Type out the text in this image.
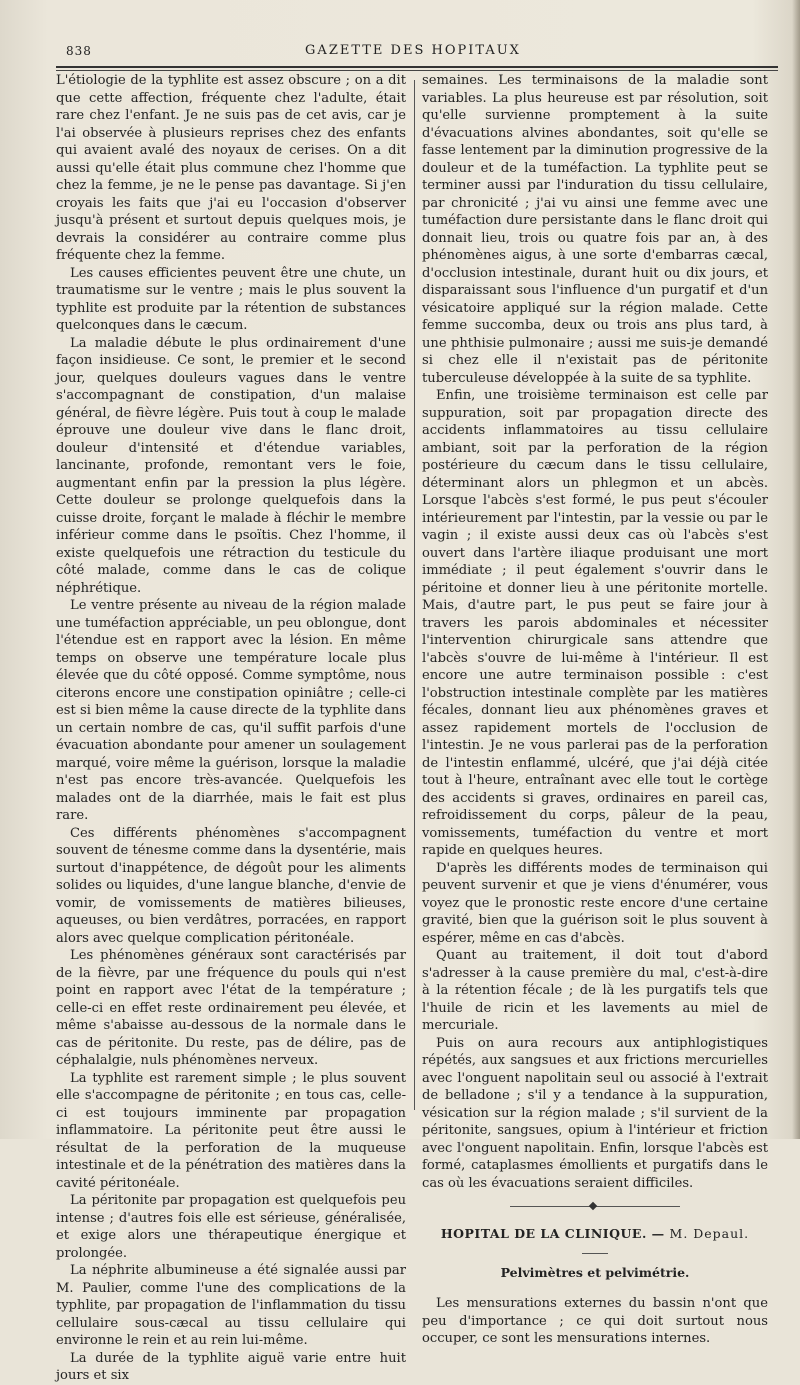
838	GAZETTE DES HOPITAUX

L'étiologie de la typhlite est assez obscure ; on a dit que cette affection, fréquente chez l'adulte, était rare chez l'enfant. Je ne suis pas de cet avis, car je l'ai observée à plusieurs reprises chez des enfants qui avaient avalé des noyaux de cerises. On a dit aussi qu'elle était plus commune chez l'homme que chez la femme, je ne le pense pas davantage. Si j'en croyais les faits que j'ai eu l'occasion d'observer jusqu'à présent et surtout depuis quelques mois, je devrais la considérer au contraire comme plus fréquente chez la femme.

Les causes efficientes peuvent être une chute, un traumatisme sur le ventre ; mais le plus souvent la typhlite est produite par la rétention de substances quelconques dans le cæcum.

La maladie débute le plus ordinairement d'une façon insidieuse. Ce sont, le premier et le second jour, quelques douleurs vagues dans le ventre s'accompagnant de constipation, d'un malaise général, de fièvre légère. Puis tout à coup le malade éprouve une douleur vive dans le flanc droit, douleur d'intensité et d'étendue variables, lancinante, profonde, remontant vers le foie, augmentant enfin par la pression la plus légère. Cette douleur se prolonge quelquefois dans la cuisse droite, forçant le malade à fléchir le membre inférieur comme dans le psoïtis. Chez l'homme, il existe quelquefois une rétraction du testicule du côté malade, comme dans le cas de colique néphrétique.

Le ventre présente au niveau de la région malade une tuméfaction appréciable, un peu oblongue, dont l'étendue est en rapport avec la lésion. En même temps on observe une température locale plus élevée que du côté opposé. Comme symptôme, nous citerons encore une constipation opiniâtre ; celle-ci est si bien même la cause directe de la typhlite dans un certain nombre de cas, qu'il suffit parfois d'une évacuation abondante pour amener un soulagement marqué, voire même la guérison, lorsque la maladie n'est pas encore très-avancée. Quelquefois les malades ont de la diarrhée, mais le fait est plus rare.

Ces différents phénomènes s'accompagnent souvent de ténesme comme dans la dysentérie, mais surtout d'inappétence, de dégoût pour les aliments solides ou liquides, d'une langue blanche, d'envie de vomir, de vomissements de matières bilieuses, aqueuses, ou bien verdâtres, porracées, en rapport alors avec quelque complication péritonéale.

Les phénomènes généraux sont caractérisés par de la fièvre, par une fréquence du pouls qui n'est point en rapport avec l'état de la température ; celle-ci en effet reste ordinairement peu élevée, et même s'abaisse au-dessous de la normale dans le cas de péritonite. Du reste, pas de délire, pas de céphalalgie, nuls phénomènes nerveux.

La typhlite est rarement simple ; le plus souvent elle s'accompagne de péritonite ; en tous cas, celle-ci est toujours imminente par propagation inflammatoire. La péritonite peut être aussi le résultat de la perforation de la muqueuse intestinale et de la pénétration des matières dans la cavité péritonéale.

La péritonite par propagation est quelquefois peu intense ; d'autres fois elle est sérieuse, généralisée, et exige alors une thérapeutique énergique et prolongée.

La néphrite albumineuse a été signalée aussi par M. Paulier, comme l'une des complications de la typhlite, par propagation de l'inflammation du tissu cellulaire sous-cæcal au tissu cellulaire qui environne le rein et au rein lui-même.

La durée de la typhlite aiguë varie entre huit jours et six

semaines. Les terminaisons de la maladie sont variables. La plus heureuse est par résolution, soit qu'elle survienne promptement à la suite d'évacuations alvines abondantes, soit qu'elle se fasse lentement par la diminution progressive de la douleur et de la tuméfaction. La typhlite peut se terminer aussi par l'induration du tissu cellulaire, par chronicité ; j'ai vu ainsi une femme avec une tuméfaction dure persistante dans le flanc droit qui donnait lieu, trois ou quatre fois par an, à des phénomènes aigus, à une sorte d'embarras cæcal, d'occlusion intestinale, durant huit ou dix jours, et disparaissant sous l'influence d'un purgatif et d'un vésicatoire appliqué sur la région malade. Cette femme succomba, deux ou trois ans plus tard, à une phthisie pulmonaire ; aussi me suis-je demandé si chez elle il n'existait pas de péritonite tuberculeuse développée à la suite de sa typhlite.

Enfin, une troisième terminaison est celle par suppuration, soit par propagation directe des accidents inflammatoires au tissu cellulaire ambiant, soit par la perforation de la région postérieure du cæcum dans le tissu cellulaire, déterminant alors un phlegmon et un abcès. Lorsque l'abcès s'est formé, le pus peut s'écouler intérieurement par l'intestin, par la vessie ou par le vagin ; il existe aussi deux cas où l'abcès s'est ouvert dans l'artère iliaque produisant une mort immédiate ; il peut également s'ouvrir dans le péritoine et donner lieu à une péritonite mortelle. Mais, d'autre part, le pus peut se faire jour à travers les parois abdominales et nécessiter l'intervention chirurgicale sans attendre que l'abcès s'ouvre de lui-même à l'intérieur. Il est encore une autre terminaison possible : c'est l'obstruction intestinale complète par les matières fécales, donnant lieu aux phénomènes graves et assez rapidement mortels de l'occlusion de l'intestin. Je ne vous parlerai pas de la perforation de l'intestin enflammé, ulcéré, que j'ai déjà citée tout à l'heure, entraînant avec elle tout le cortège des accidents si graves, ordinaires en pareil cas, refroidissement du corps, pâleur de la peau, vomissements, tuméfaction du ventre et mort rapide en quelques heures.

D'après les différents modes de terminaison qui peuvent survenir et que je viens d'énumérer, vous voyez que le pronostic reste encore d'une certaine gravité, bien que la guérison soit le plus souvent à espérer, même en cas d'abcès.

Quant au traitement, il doit tout d'abord s'adresser à la cause première du mal, c'est-à-dire à la rétention fécale ; de là les purgatifs tels que l'huile de ricin et les lavements au miel de mercuriale.

Puis on aura recours aux antiphlogistiques répétés, aux sangsues et aux frictions mercurielles avec l'onguent napolitain seul ou associé à l'extrait de belladone ; s'il y a tendance à la suppuration, vésication sur la région malade ; s'il survient de la péritonite, sangsues, opium à l'intérieur et friction avec l'onguent napolitain. Enfin, lorsque l'abcès est formé, cataplasmes émollients et purgatifs dans le cas où les évacuations seraient difficiles.

HOPITAL DE LA CLINIQUE. — M. Depaul.
Pelvimètres et pelvimétrie.

Les mensurations externes du bassin n'ont que peu d'importance ; ce qui doit surtout nous occuper, ce sont les mensurations internes.
